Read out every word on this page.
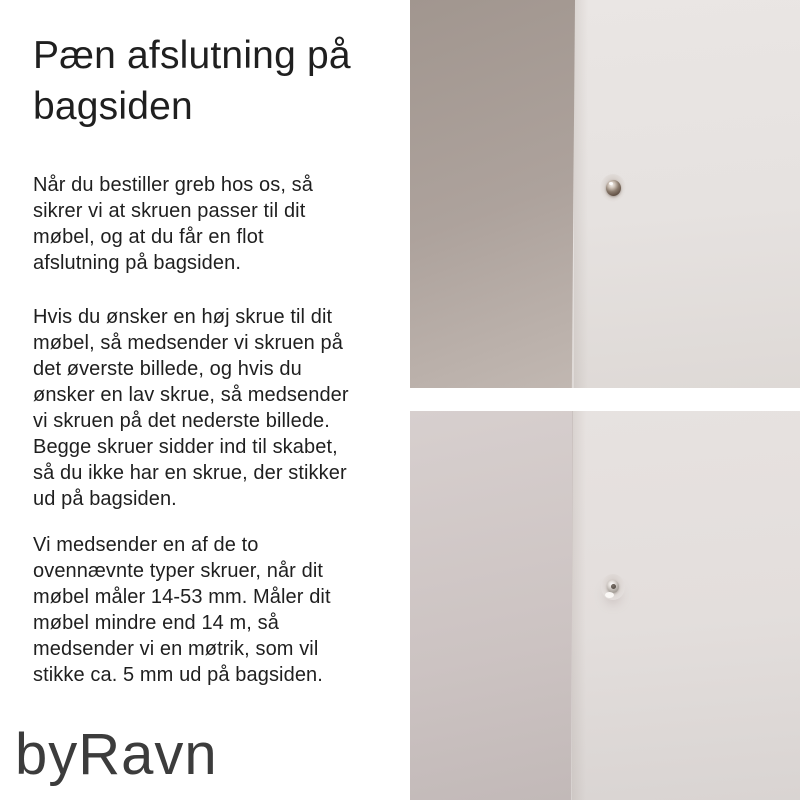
Pæn afslutning på
bagsiden

Når du bestiller greb hos os, så
sikrer vi at skruen passer til dit
møbel, og at du får en flot
afslutning på bagsiden.

Hvis du ønsker en høj skrue til dit
møbel, så medsender vi skruen på
det øverste billede, og hvis du
ønsker en lav skrue, så medsender
vi skruen på det nederste billede.
Begge skruer sidder ind til skabet,
så du ikke har en skrue, der stikker
ud på bagsiden.

Vi medsender en af de to
ovennævnte typer skruer, når dit
møbel måler 14-53 mm. Måler dit
møbel mindre end 14 m, så
medsender vi en møtrik, som vil
stikke ca. 5 mm ud på bagsiden.

byRavn
